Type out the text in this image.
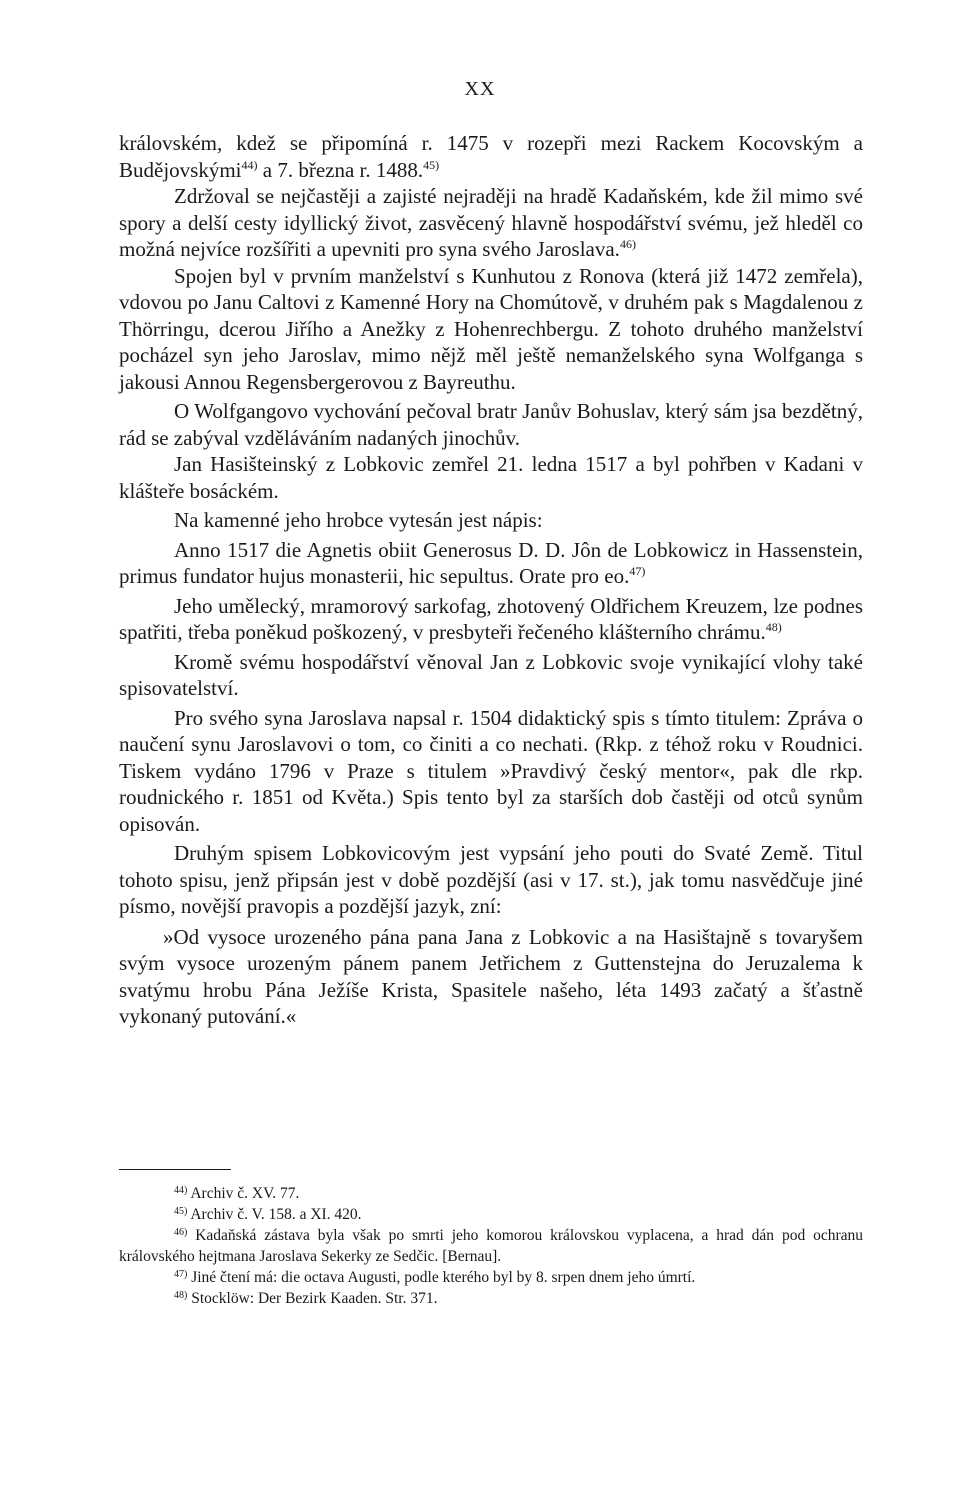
XX

královském, kdež se připomíná r. 1475 v rozepři mezi Rackem Kocovským a Budějovskými$^{44)}$ a 7. března r. 1488.$^{45)}$

Zdržoval se nejčastěji a zajisté nejraději na hradě Kadaňském, kde žil mimo své spory a delší cesty idyllický život, zasvěcený hlavně hospodářství svému, jež hleděl co možná nejvíce rozšířiti a upevniti pro syna svého Jaroslava.$^{46)}$

Spojen byl v prvním manželství s Kunhutou z Ronova (která již 1472 zemřela), vdovou po Janu Caltovi z Kamenné Hory na Chomútově, v druhém pak s Magdalenou z Thörringu, dcerou Jiřího a Anežky z Hohenrechbergu. Z tohoto druhého manželství pocházel syn jeho Jaroslav, mimo nějž měl ještě nemanželského syna Wolfganga s jakousi Annou Regensbergerovou z Bayreuthu.

O Wolfgangovo vychování pečoval bratr Janův Bohuslav, který sám jsa bezdětný, rád se zabýval vzděláváním nadaných jinochův.

Jan Hasišteinský z Lobkovic zemřel 21. ledna 1517 a byl pohřben v Kadani v klášteře bosáckém.

Na kamenné jeho hrobce vytesán jest nápis:

Anno 1517 die Agnetis obiit Generosus D. D. Jôn de Lobkowicz in Hassenstein, primus fundator hujus monasterii, hic sepultus. Orate pro eo.$^{47)}$

Jeho umělecký, mramorový sarkofag, zhotovený Oldřichem Kreuzem, lze podnes spatřiti, třeba poněkud poškozený, v presbyteři řečeného klášterního chrámu.$^{48)}$

Kromě svému hospodářství věnoval Jan z Lobkovic svoje vynikající vlohy také spisovatelství.

Pro svého syna Jaroslava napsal r. 1504 didaktický spis s tímto titulem: Zpráva o naučení synu Jaroslavovi o tom, co činiti a co nechati. (Rkp. z téhož roku v Roudnici. Tiskem vydáno 1796 v Praze s titulem »Pravdivý český mentor«, pak dle rkp. roudnického r. 1851 od Květa.) Spis tento byl za starších dob častěji od otců synům opisován.

Druhým spisem Lobkovicovým jest vypsání jeho pouti do Svaté Země. Titul tohoto spisu, jenž připsán jest v době pozdější (asi v 17. st.), jak tomu nasvědčuje jiné písmo, novější pravopis a pozdější jazyk, zní:

»Od vysoce urozeného pána pana Jana z Lobkovic a na Hasištajně s tovaryšem svým vysoce urozeným pánem panem Jetřichem z Guttenstejna do Jeruzalema k svatýmu hrobu Pána Ježíše Krista, Spasitele našeho, léta 1493 začatý a šťastně vykonaný putování.«

$^{44)}$ Archiv č. XV. 77.

$^{45)}$ Archiv č. V. 158. a XI. 420.

$^{46)}$ Kadaňská zástava byla však po smrti jeho komorou královskou vyplacena, a hrad dán pod ochranu královského hejtmana Jaroslava Sekerky ze Sedčic. [Bernau].

$^{47)}$ Jiné čtení má: die octava Augusti, podle kterého byl by 8. srpen dnem jeho úmrtí.

$^{48)}$ Stocklöw: Der Bezirk Kaaden. Str. 371.
